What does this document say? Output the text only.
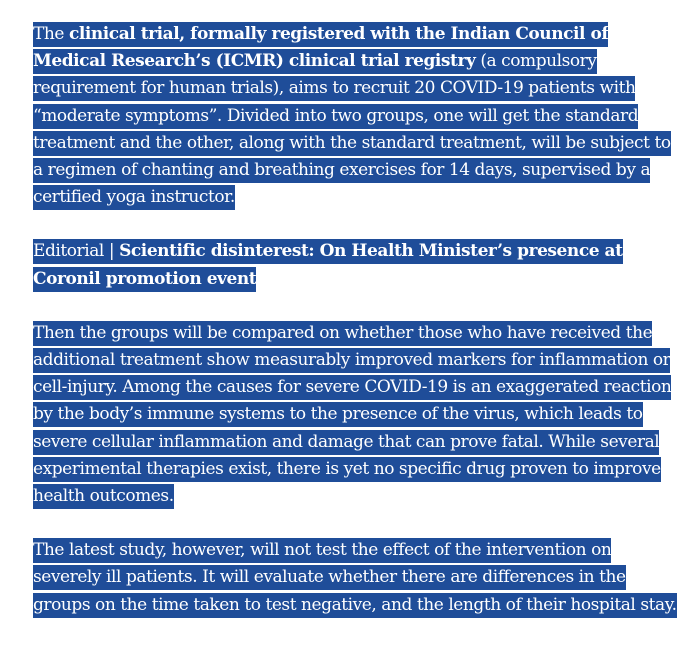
The clinical trial, formally registered with the Indian Council of Medical Research’s (ICMR) clinical trial registry (a compulsory requirement for human trials), aims to recruit 20 COVID-19 patients with “moderate symptoms”. Divided into two groups, one will get the standard treatment and the other, along with the standard treatment, will be subject to a regimen of chanting and breathing exercises for 14 days, supervised by a certified yoga instructor.

Editorial | Scientific disinterest: On Health Minister’s presence at Coronil promotion event

Then the groups will be compared on whether those who have received the additional treatment show measurably improved markers for inflammation or cell-injury. Among the causes for severe COVID-19 is an exaggerated reaction by the body’s immune systems to the presence of the virus, which leads to severe cellular inflammation and damage that can prove fatal. While several experimental therapies exist, there is yet no specific drug proven to improve health outcomes.

The latest study, however, will not test the effect of the intervention on severely ill patients. It will evaluate whether there are differences in the groups on the time taken to test negative, and the length of their hospital stay.
